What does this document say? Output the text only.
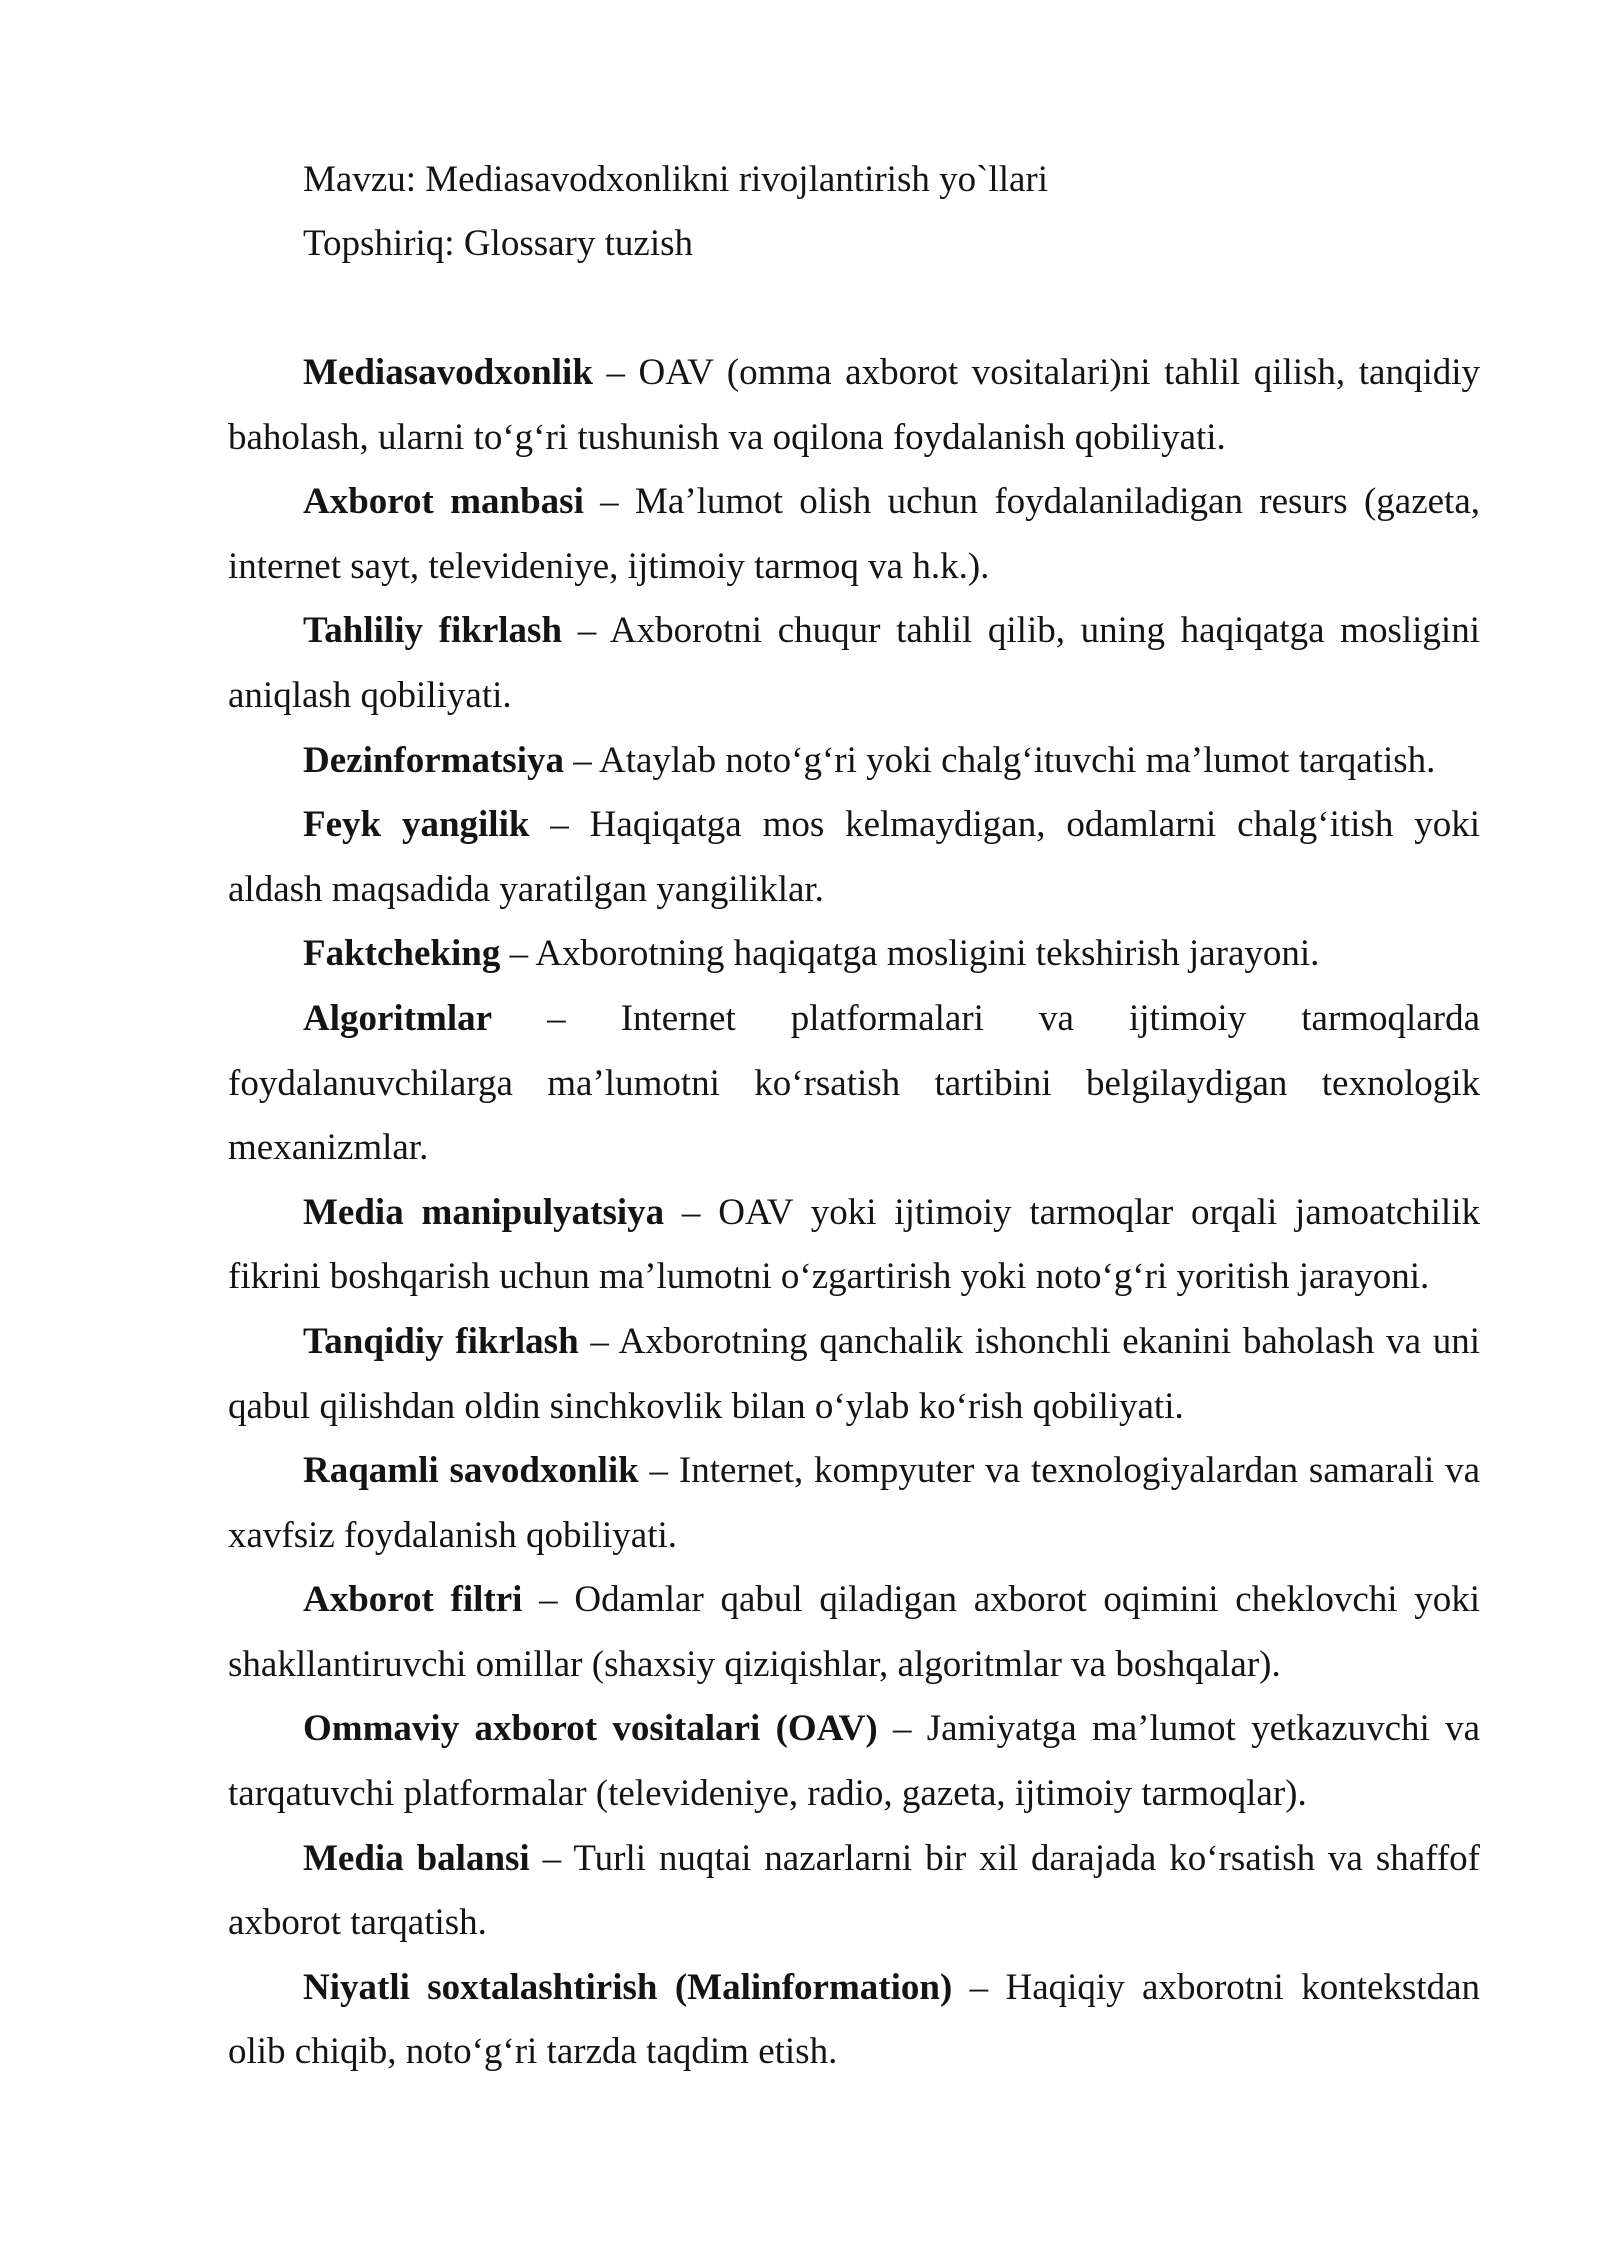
Mavzu: Mediasavodxonlikni rivojlantirish yo`llari

Topshiriq: Glossary tuzish

Mediasavodxonlik – OAV (omma axborot vositalari)ni tahlil qilish, tanqidiy baholash, ularni to‘g‘ri tushunish va oqilona foydalanish qobiliyati.

Axborot manbasi – Ma’lumot olish uchun foydalaniladigan resurs (gazeta, internet sayt, televideniye, ijtimoiy tarmoq va h.k.).

Tahliliy fikrlash – Axborotni chuqur tahlil qilib, uning haqiqatga mosligini aniqlash qobiliyati.

Dezinformatsiya – Ataylab noto‘g‘ri yoki chalg‘ituvchi ma’lumot tarqatish.

Feyk yangilik – Haqiqatga mos kelmaydigan, odamlarni chalg‘itish yoki aldash maqsadida yaratilgan yangiliklar.

Faktcheking – Axborotning haqiqatga mosligini tekshirish jarayoni.

Algoritmlar – Internet platformalari va ijtimoiy tarmoqlarda foydalanuvchilarga ma’lumotni ko‘rsatish tartibini belgilaydigan texnologik mexanizmlar.

Media manipulyatsiya – OAV yoki ijtimoiy tarmoqlar orqali jamoatchilik fikrini boshqarish uchun ma’lumotni o‘zgartirish yoki noto‘g‘ri yoritish jarayoni.

Tanqidiy fikrlash – Axborotning qanchalik ishonchli ekanini baholash va uni qabul qilishdan oldin sinchkovlik bilan o‘ylab ko‘rish qobiliyati.

Raqamli savodxonlik – Internet, kompyuter va texnologiyalardan samarali va xavfsiz foydalanish qobiliyati.

Axborot filtri – Odamlar qabul qiladigan axborot oqimini cheklovchi yoki shakllantiruvchi omillar (shaxsiy qiziqishlar, algoritmlar va boshqalar).

Ommaviy axborot vositalari (OAV) – Jamiyatga ma’lumot yetkazuvchi va tarqatuvchi platformalar (televideniye, radio, gazeta, ijtimoiy tarmoqlar).

Media balansi – Turli nuqtai nazarlarni bir xil darajada ko‘rsatish va shaffof axborot tarqatish.

Niyatli soxtalashtirish (Malinformation) – Haqiqiy axborotni kontekstdan olib chiqib, noto‘g‘ri tarzda taqdim etish.
